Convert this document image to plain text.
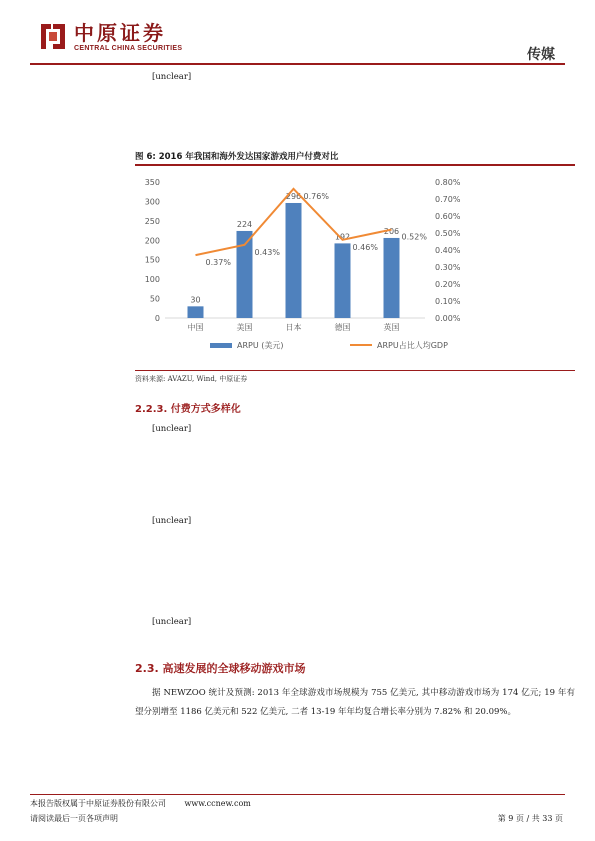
中原证券
CENTRAL CHINA SECURITIES	传媒

[unclear]

图 6: 2016 年我国和海外发达国家游戏用户付费对比
0
50
100
150
200
250
300
350
0.00%
0.10%
0.20%
0.30%
0.40%
0.50%
0.60%
0.70%
0.80%
30
中国
224
美国
296
日本
192
德国
206
英国
0.37%
0.43%
0.76%
0.46%
0.52%
ARPU (美元)	ARPU占比人均GDP
资料来源: AVAZU, Wind, 中原证券
2.2.3. 付费方式多样化

[unclear]

[unclear]

[unclear]

2.3. 高速发展的全球移动游戏市场

据 NEWZOO 统计及预测: 2013 年全球游戏市场规模为 755 亿美元, 其中移动游戏市场为 174 亿元; 19 年有望分别增至 1186 亿美元和 522 亿美元, 二者 13-19 年年均复合增长率分别为 7.82% 和 20.09%。

本报告版权属于中原证券股份有限公司 www.ccnew.com
请阅读最后一页各项声明	第 9 页 / 共 33 页
